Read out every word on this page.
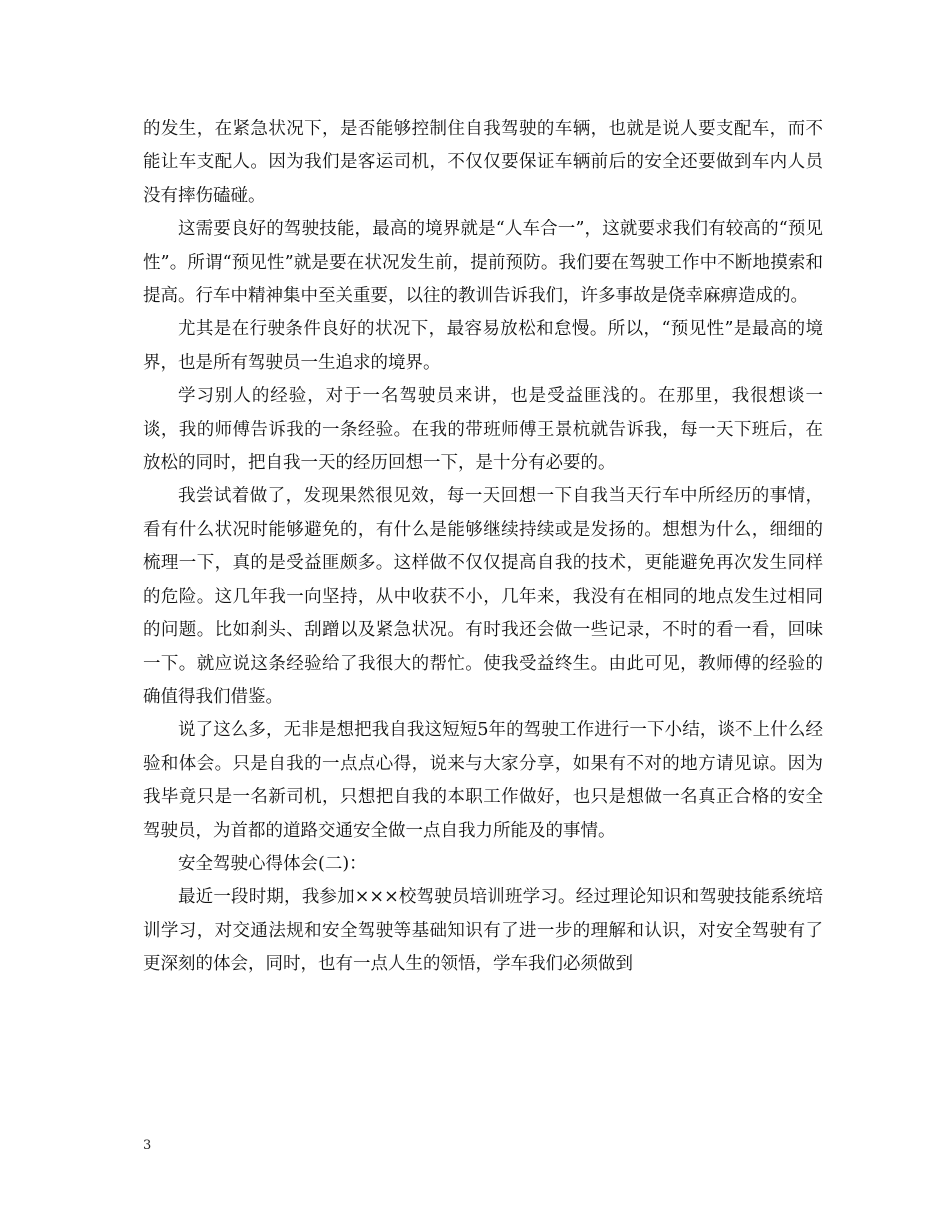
的发生，在紧急状况下，是否能够控制住自我驾驶的车辆，也就是说人要支配车，而不能让车支配人。因为我们是客运司机，不仅仅要保证车辆前后的安全还要做到车内人员没有摔伤磕碰。

这需要良好的驾驶技能，最高的境界就是“人车合一”，这就要求我们有较高的“预见性”。所谓“预见性”就是要在状况发生前，提前预防。我们要在驾驶工作中不断地摸索和提高。行车中精神集中至关重要，以往的教训告诉我们，许多事故是侥幸麻痹造成的。

尤其是在行驶条件良好的状况下，最容易放松和怠慢。所以，“预见性”是最高的境界，也是所有驾驶员一生追求的境界。

学习别人的经验，对于一名驾驶员来讲，也是受益匪浅的。在那里，我很想谈一谈，我的师傅告诉我的一条经验。在我的带班师傅王景杭就告诉我，每一天下班后，在放松的同时，把自我一天的经历回想一下，是十分有必要的。

我尝试着做了，发现果然很见效，每一天回想一下自我当天行车中所经历的事情，看有什么状况时能够避免的，有什么是能够继续持续或是发扬的。想想为什么，细细的梳理一下，真的是受益匪颇多。这样做不仅仅提高自我的技术，更能避免再次发生同样的危险。这几年我一向坚持，从中收获不小，几年来，我没有在相同的地点发生过相同的问题。比如刹头、刮蹭以及紧急状况。有时我还会做一些记录，不时的看一看，回味一下。就应说这条经验给了我很大的帮忙。使我受益终生。由此可见，教师傅的经验的确值得我们借鉴。

说了这么多，无非是想把我自我这短短5年的驾驶工作进行一下小结，谈不上什么经验和体会。只是自我的一点点心得，说来与大家分享，如果有不对的地方请见谅。因为我毕竟只是一名新司机，只想把自我的本职工作做好，也只是想做一名真正合格的安全驾驶员，为首都的道路交通安全做一点自我力所能及的事情。

安全驾驶心得体会(二)：

最近一段时期，我参加×××校驾驶员培训班学习。经过理论知识和驾驶技能系统培训学习，对交通法规和安全驾驶等基础知识有了进一步的理解和认识，对安全驾驶有了更深刻的体会，同时，也有一点人生的领悟，学车我们必须做到

3
